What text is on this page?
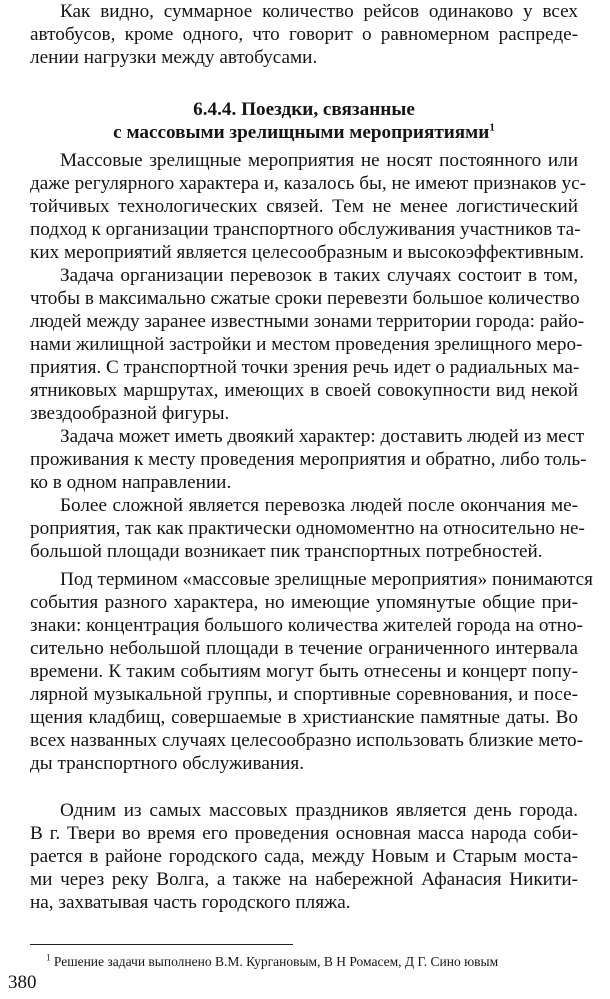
Как видно, суммарное количество рейсов одинаково у всех
автобусов, кроме одного, что говорит о равномерном распреде-
лении нагрузки между автобусами.
6.4.4. Поездки, связанные
с массовыми зрелищными мероприятиями$^1$
Массовые зрелищные мероприятия не носят постоянного или
даже регулярного характера и, казалось бы, не имеют признаков ус-
тойчивых технологических связей. Тем не менее логистический
подход к организации транспортного обслуживания участников та-
ких мероприятий является целесообразным и высокоэффективным.
Задача организации перевозок в таких случаях состоит в том,
чтобы в максимально сжатые сроки перевезти большое количество
людей между заранее известными зонами территории города: райо-
нами жилищной застройки и местом проведения зрелищного меро-
приятия. С транспортной точки зрения речь идет о радиальных ма-
ятниковых маршрутах, имеющих в своей совокупности вид некой
звездообразной фигуры.
Задача может иметь двоякий характер: доставить людей из мест
проживания к месту проведения мероприятия и обратно, либо толь-
ко в одном направлении.
Более сложной является перевозка людей после окончания ме-
роприятия, так как практически одномоментно на относительно не-
большой площади возникает пик транспортных потребностей.
Под термином «массовые зрелищные мероприятия» понимаются
события разного характера, но имеющие упомянутые общие при-
знаки: концентрация большого количества жителей города на отно-
сительно небольшой площади в течение ограниченного интервала
времени. К таким событиям могут быть отнесены и концерт попу-
лярной музыкальной группы, и спортивные соревнования, и посе-
щения кладбищ, совершаемые в христианские памятные даты. Во
всех названных случаях целесообразно использовать близкие мето-
ды транспортного обслуживания.
Одним из самых массовых праздников является день города.
В г. Твери во время его проведения основная масса народа соби-
рается в районе городского сада, между Новым и Старым моста-
ми через реку Волга, а также на набережной Афанасия Никити-
на, захватывая часть городского пляжа.
$^1$ Решение задачи выполнено В.М. Кургановым, В Н Ромасем, Д Г. Сино ювым
380
